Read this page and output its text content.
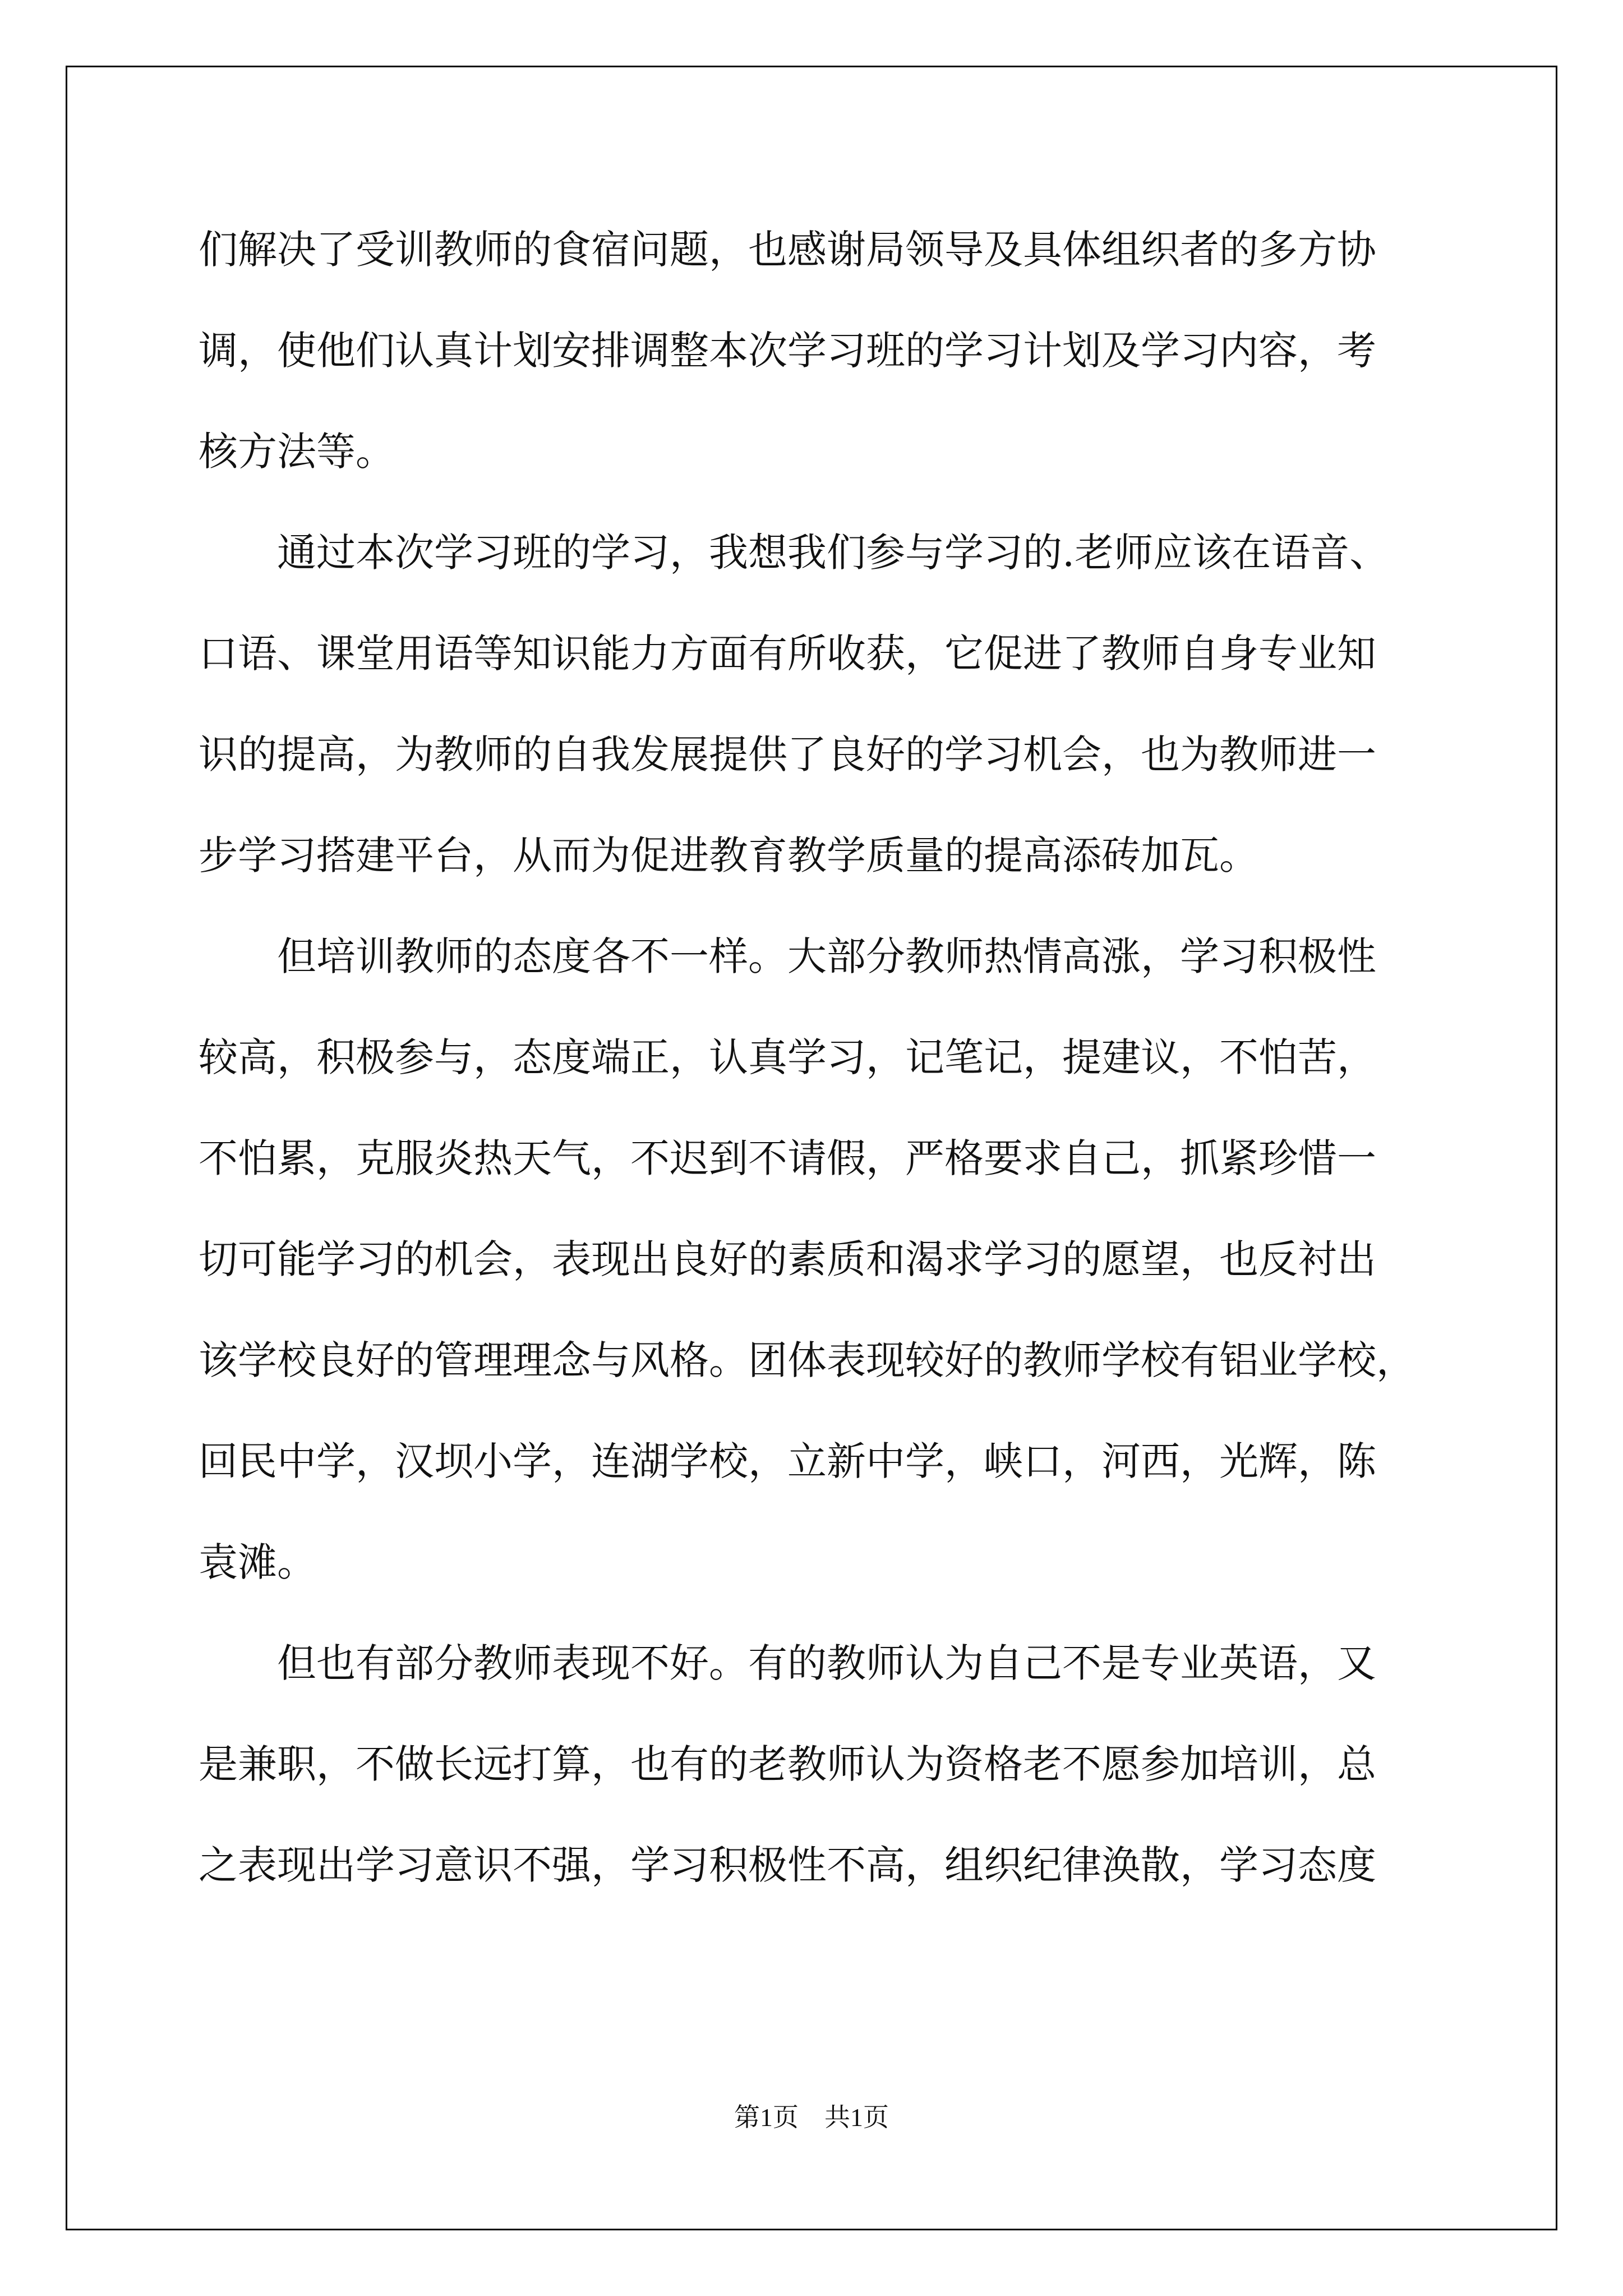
们解决了受训教师的食宿问题，也感谢局领导及具体组织者的多方协
调，使他们认真计划安排调整本次学习班的学习计划及学习内容，考
核方法等。
　　通过本次学习班的学习，我想我们参与学习的.老师应该在语音、
口语、课堂用语等知识能力方面有所收获，它促进了教师自身专业知
识的提高，为教师的自我发展提供了良好的学习机会，也为教师进一
步学习搭建平台，从而为促进教育教学质量的提高添砖加瓦。
　　但培训教师的态度各不一样。大部分教师热情高涨，学习积极性
较高，积极参与，态度端正，认真学习，记笔记，提建议，不怕苦，
不怕累，克服炎热天气，不迟到不请假，严格要求自己，抓紧珍惜一
切可能学习的机会，表现出良好的素质和渴求学习的愿望，也反衬出
该学校良好的管理理念与风格。团体表现较好的教师学校有铝业学校，
回民中学，汉坝小学，连湖学校，立新中学，峡口，河西，光辉，陈
袁滩。
　　但也有部分教师表现不好。有的教师认为自己不是专业英语，又
是兼职，不做长远打算，也有的老教师认为资格老不愿参加培训，总
之表现出学习意识不强，学习积极性不高，组织纪律涣散，学习态度
第1页　共1页
